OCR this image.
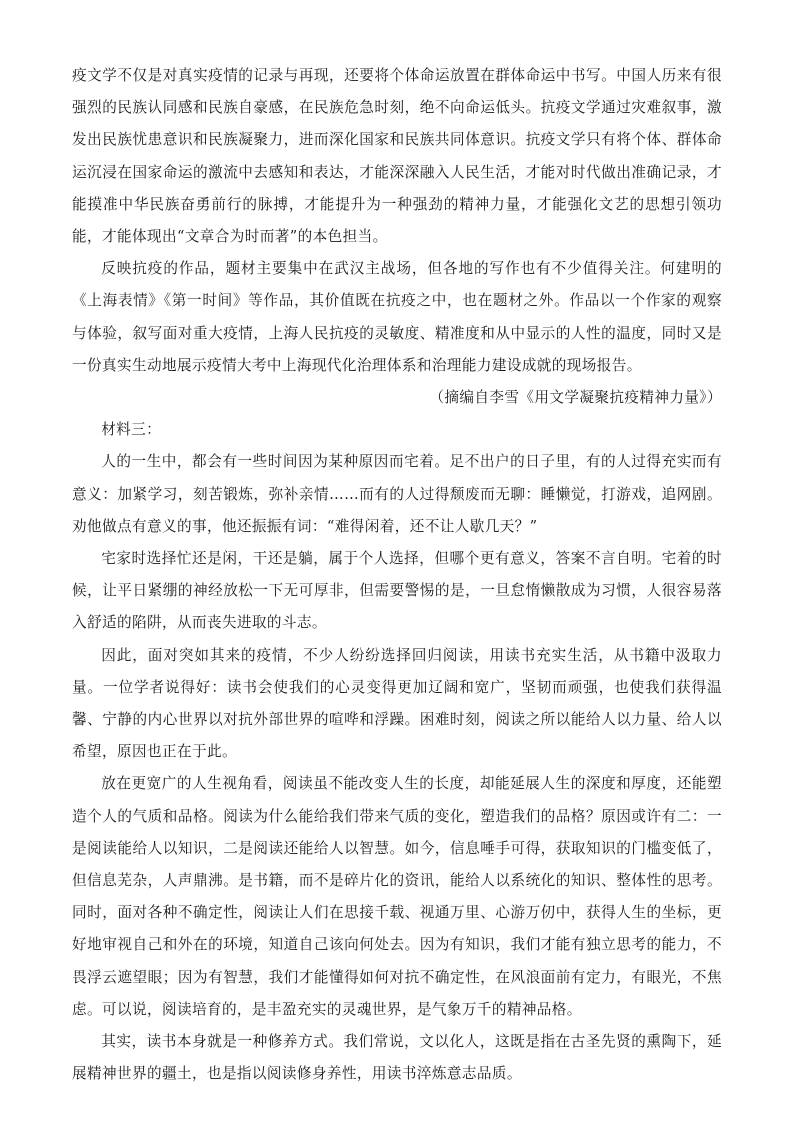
疫文学不仅是对真实疫情的记录与再现，还要将个体命运放置在群体命运中书写。中国人历来有很强烈的民族认同感和民族自豪感，在民族危急时刻，绝不向命运低头。抗疫文学通过灾难叙事，激发出民族忧患意识和民族凝聚力，进而深化国家和民族共同体意识。抗疫文学只有将个体、群体命运沉浸在国家命运的激流中去感知和表达，才能深深融入人民生活，才能对时代做出准确记录，才能摸准中华民族奋勇前行的脉搏，才能提升为一种强劲的精神力量，才能强化文艺的思想引领功能，才能体现出“文章合为时而著”的本色担当。

反映抗疫的作品，题材主要集中在武汉主战场，但各地的写作也有不少值得关注。何建明的《上海表情》《第一时间》等作品，其价值既在抗疫之中，也在题材之外。作品以一个作家的观察与体验，叙写面对重大疫情，上海人民抗疫的灵敏度、精准度和从中显示的人性的温度，同时又是一份真实生动地展示疫情大考中上海现代化治理体系和治理能力建设成就的现场报告。

（摘编自李雪《用文学凝聚抗疫精神力量》）

材料三：

人的一生中，都会有一些时间因为某种原因而宅着。足不出户的日子里，有的人过得充实而有意义：加紧学习，刻苦锻炼，弥补亲情……而有的人过得颓废而无聊：睡懒觉，打游戏，追网剧。劝他做点有意义的事，他还振振有词：“难得闲着，还不让人歇几天？”

宅家时选择忙还是闲，干还是躺，属于个人选择，但哪个更有意义，答案不言自明。宅着的时候，让平日紧绷的神经放松一下无可厚非，但需要警惕的是，一旦怠惰懒散成为习惯，人很容易落入舒适的陷阱，从而丧失进取的斗志。

因此，面对突如其来的疫情，不少人纷纷选择回归阅读，用读书充实生活，从书籍中汲取力量。一位学者说得好：读书会使我们的心灵变得更加辽阔和宽广，坚韧而顽强，也使我们获得温馨、宁静的内心世界以对抗外部世界的喧哗和浮躁。困难时刻，阅读之所以能给人以力量、给人以希望，原因也正在于此。

放在更宽广的人生视角看，阅读虽不能改变人生的长度，却能延展人生的深度和厚度，还能塑造个人的气质和品格。阅读为什么能给我们带来气质的变化，塑造我们的品格？原因或许有二：一是阅读能给人以知识，二是阅读还能给人以智慧。如今，信息唾手可得，获取知识的门槛变低了，但信息芜杂，人声鼎沸。是书籍，而不是碎片化的资讯，能给人以系统化的知识、整体性的思考。同时，面对各种不确定性，阅读让人们在思接千载、视通万里、心游万仞中，获得人生的坐标，更好地审视自己和外在的环境，知道自己该向何处去。因为有知识，我们才能有独立思考的能力，不畏浮云遮望眼；因为有智慧，我们才能懂得如何对抗不确定性，在风浪面前有定力，有眼光，不焦虑。可以说，阅读培育的，是丰盈充实的灵魂世界，是气象万千的精神品格。

其实，读书本身就是一种修养方式。我们常说，文以化人，这既是指在古圣先贤的熏陶下，延展精神世界的疆土，也是指以阅读修身养性，用读书淬炼意志品质。
